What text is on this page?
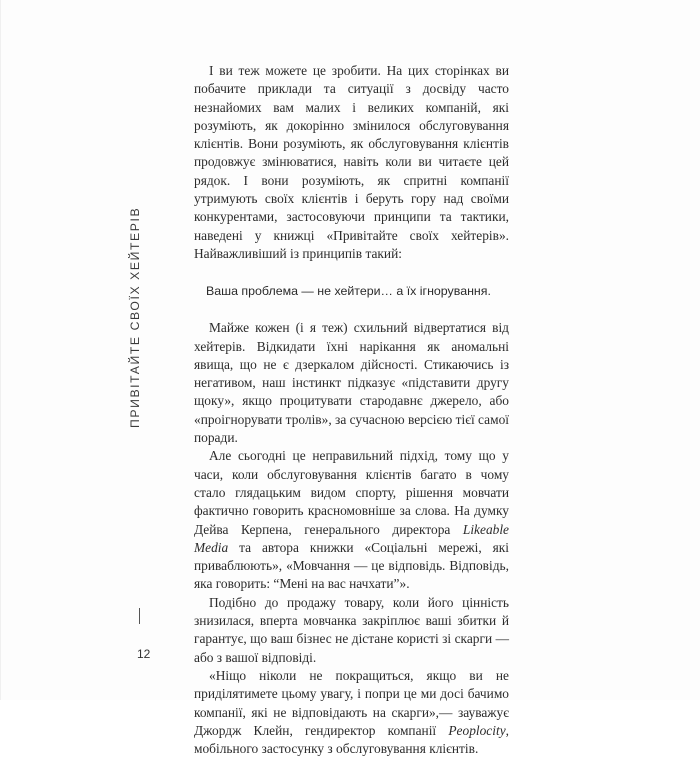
І ви теж можете це зробити. На цих сторінках ви побачите приклади та ситуації з досвіду часто незнайомих вам малих і великих компаній, які розуміють, як докорінно змінилося обслуговування клієнтів. Вони розуміють, як обслуговування клієнтів продовжує змінюватися, навіть коли ви читаєте цей рядок. І вони розуміють, як спритні компанії утримують своїх клієнтів і беруть гору над своїми конкурентами, застосовуючи принципи та тактики, наведені у книжці «Привітайте своїх хейтерів». Найважливіший із принципів такий:

Ваша проблема — не хейтери… а їх ігнорування.

Майже кожен (і я теж) схильний відвертатися від хейтерів. Відкидати їхні нарікання як аномальні явища, що не є дзеркалом дійсності. Стикаючись із негативом, наш інстинкт підказує «підставити другу щоку», якщо процитувати стародавнє джерело, або «проігнорувати тролів», за сучасною версією тієї самої поради.

Але сьогодні це неправильний підхід, тому що у часи, коли обслуговування клієнтів багато в чому стало глядацьким видом спорту, рішення мовчати фактично говорить красномовніше за слова. На думку Дейва Керпена, генерального директора Likeable Media та автора книжки «Соціальні мережі, які приваблюють», «Мовчання — це відповідь. Відповідь, яка говорить: “Мені на вас начхати”».

Подібно до продажу товару, коли його цінність знизилася, вперта мовчанка закріплює ваші збитки й гарантує, що ваш бізнес не дістане користі зі скарги — або з вашої відповіді.

«Ніщо ніколи не покращиться, якщо ви не приділятимете цьому увагу, і попри це ми досі бачимо компанії, які не відповідають на скарги»,— зауважує Джордж Клейн, гендиректор компанії Peoplocity, мобільного застосунку з обслуговування клієнтів.

ПРИВІТАЙТЕ СВОЇХ ХЕЙТЕРІВ
12
